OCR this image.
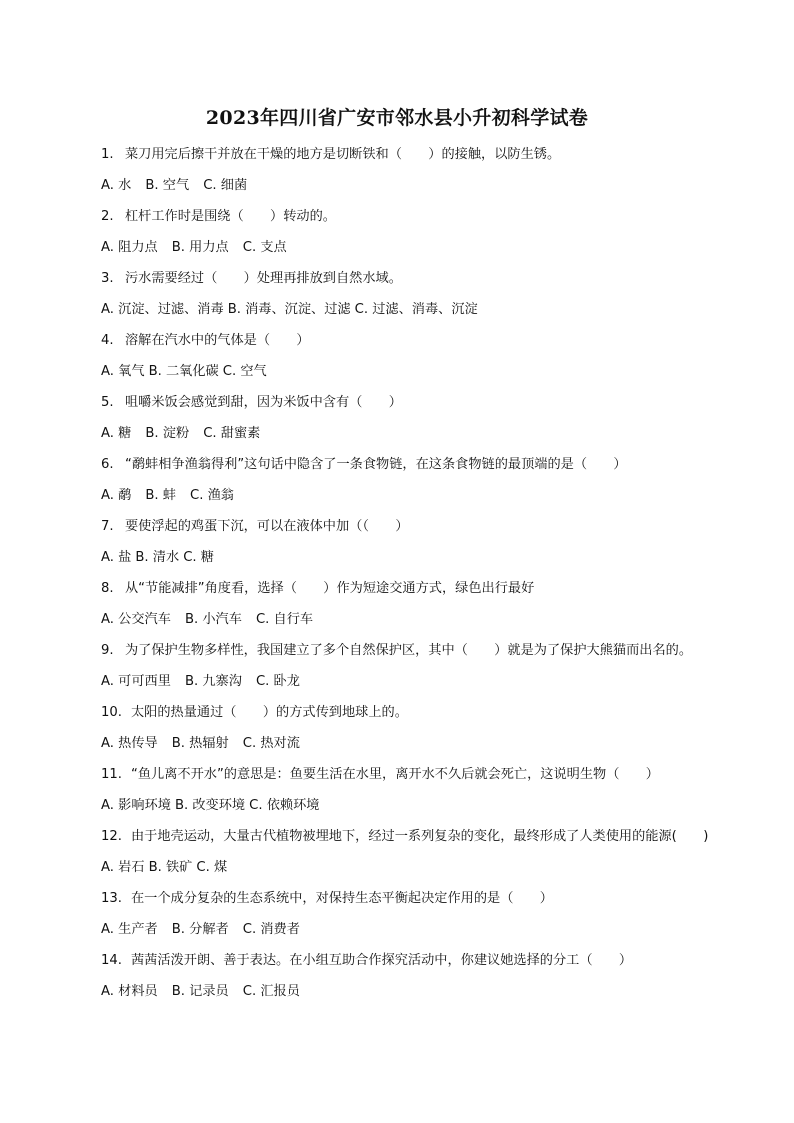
2023年四川省广安市邻水县小升初科学试卷
1. 菜刀用完后擦干并放在干燥的地方是切断铁和（　　）的接触，以防生锈。
A. 水 B. 空气 C. 细菌
2. 杠杆工作时是围绕（　　）转动的。
A. 阻力点 B. 用力点 C. 支点
3. 污水需要经过（　　）处理再排放到自然水域。
A. 沉淀、过滤、消毒 B. 消毒、沉淀、过滤 C. 过滤、消毒、沉淀
4. 溶解在汽水中的气体是（　　）
A. 氧气 B. 二氧化碳 C. 空气
5. 咀嚼米饭会感觉到甜，因为米饭中含有（　　）
A. 糖 B. 淀粉 C. 甜蜜素
6. “鹬蚌相争渔翁得利”这句话中隐含了一条食物链，在这条食物链的最顶端的是（　　）
A. 鹬 B. 蚌 C. 渔翁
7. 要使浮起的鸡蛋下沉，可以在液体中加（（　　）
A. 盐 B. 清水 C. 糖
8. 从“节能减排”角度看，选择（　　）作为短途交通方式，绿色出行最好
A. 公交汽车 B. 小汽车 C. 自行车
9. 为了保护生物多样性，我国建立了多个自然保护区，其中（　　）就是为了保护大熊猫而出名的。
A. 可可西里 B. 九寨沟 C. 卧龙
10. 太阳的热量通过（　　）的方式传到地球上的。
A. 热传导 B. 热辐射 C. 热对流
11. “鱼儿离不开水”的意思是：鱼要生活在水里，离开水不久后就会死亡，这说明生物（　　）
A. 影响环境 B. 改变环境 C. 依赖环境
12. 由于地壳运动，大量古代植物被埋地下，经过一系列复杂的变化，最终形成了人类使用的能源(　　)
A. 岩石 B. 铁矿 C. 煤
13. 在一个成分复杂的生态系统中，对保持生态平衡起决定作用的是（　　）
A. 生产者 B. 分解者 C. 消费者
14. 茜茜活泼开朗、善于表达。在小组互助合作探究活动中，你建议她选择的分工（　　）
A. 材料员 B. 记录员 C. 汇报员
